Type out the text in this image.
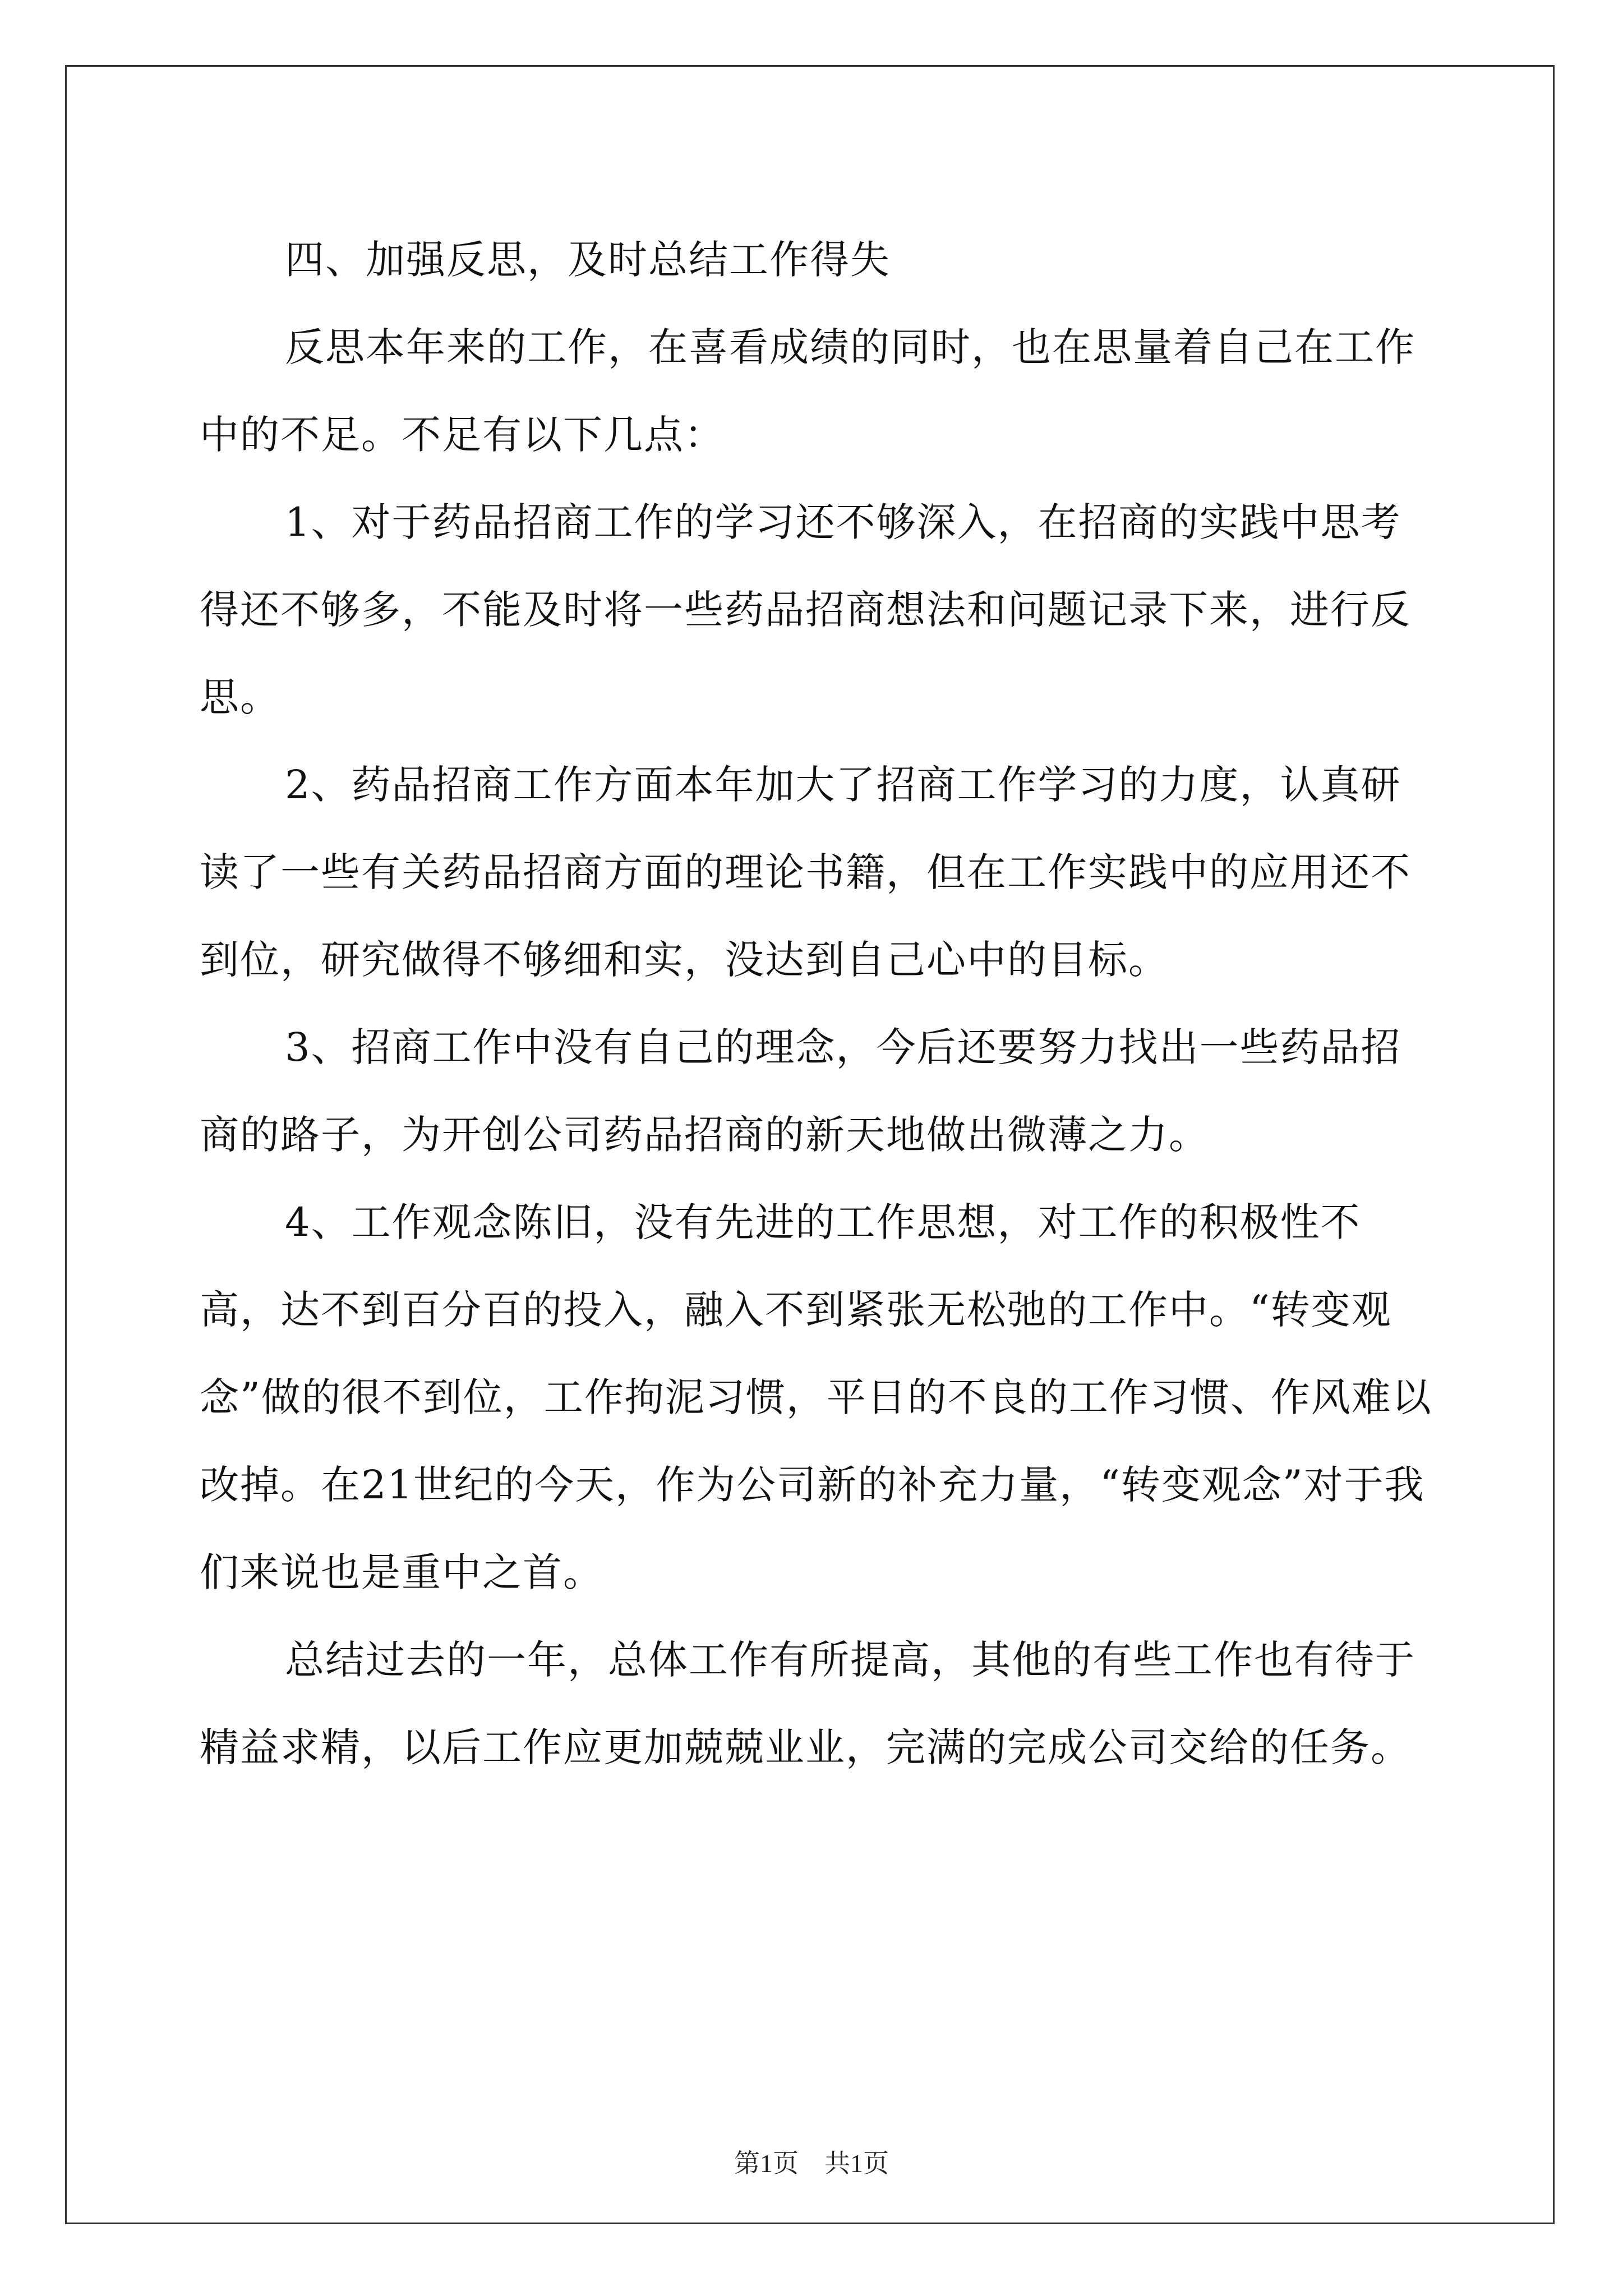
四、加强反思，及时总结工作得失

反思本年来的工作，在喜看成绩的同时，也在思量着自己在工作中的不足。不足有以下几点：

1、对于药品招商工作的学习还不够深入，在招商的实践中思考得还不够多，不能及时将一些药品招商想法和问题记录下来，进行反思。

2、药品招商工作方面本年加大了招商工作学习的力度，认真研读了一些有关药品招商方面的理论书籍，但在工作实践中的应用还不到位，研究做得不够细和实，没达到自己心中的目标。

3、招商工作中没有自己的理念，今后还要努力找出一些药品招商的路子，为开创公司药品招商的新天地做出微薄之力。

4、工作观念陈旧，没有先进的工作思想，对工作的积极性不高，达不到百分百的投入，融入不到紧张无松弛的工作中。“转变观念”做的很不到位，工作拘泥习惯，平日的不良的工作习惯、作风难以改掉。在21世纪的今天，作为公司新的补充力量，“转变观念”对于我们来说也是重中之首。

总结过去的一年，总体工作有所提高，其他的有些工作也有待于精益求精，以后工作应更加兢兢业业，完满的完成公司交给的任务。

第1页　共1页
